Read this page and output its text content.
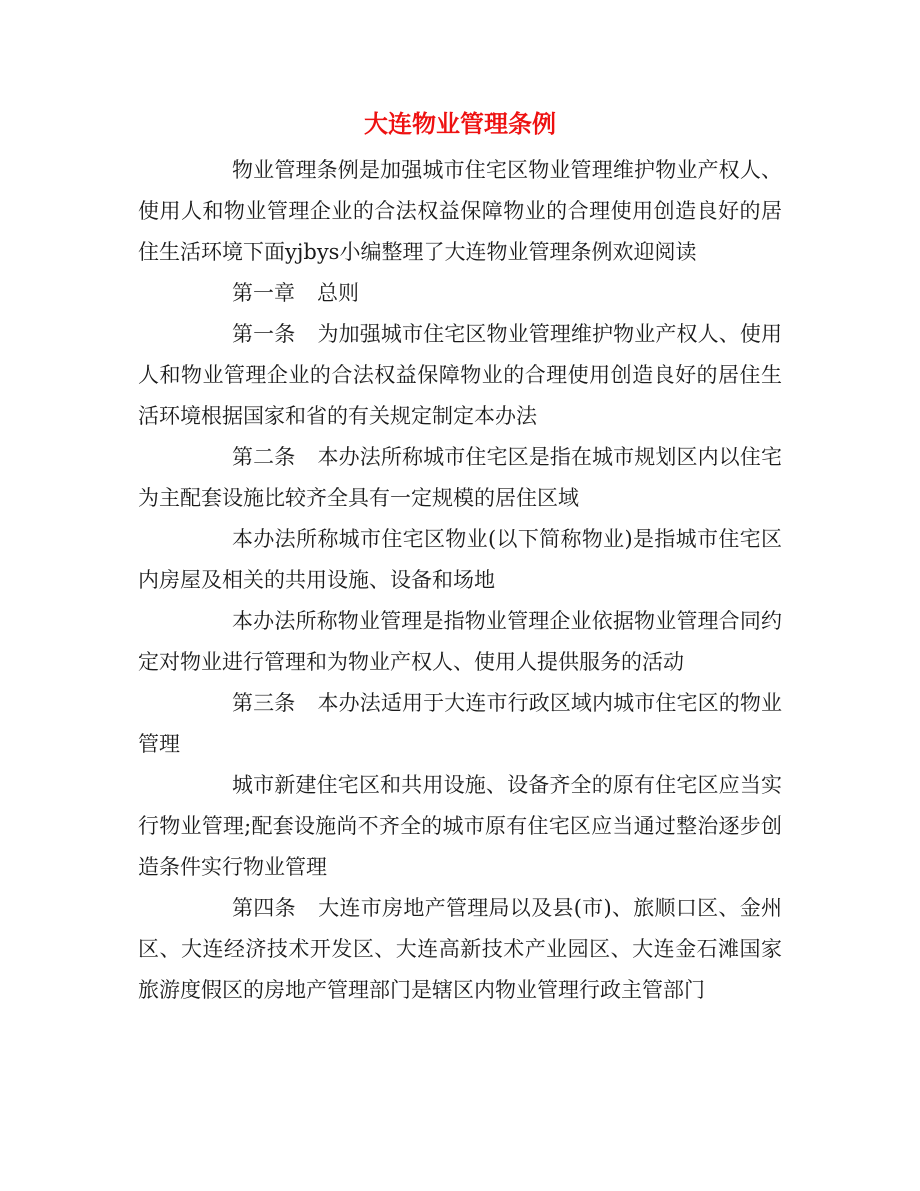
大连物业管理条例

物业管理条例是加强城市住宅区物业管理维护物业产权人、使用人和物业管理企业的合法权益保障物业的合理使用创造良好的居住生活环境下面yjbys小编整理了大连物业管理条例欢迎阅读

第一章 总则

第一条 为加强城市住宅区物业管理维护物业产权人、使用人和物业管理企业的合法权益保障物业的合理使用创造良好的居住生活环境根据国家和省的有关规定制定本办法

第二条 本办法所称城市住宅区是指在城市规划区内以住宅为主配套设施比较齐全具有一定规模的居住区域

本办法所称城市住宅区物业(以下简称物业)是指城市住宅区内房屋及相关的共用设施、设备和场地

本办法所称物业管理是指物业管理企业依据物业管理合同约定对物业进行管理和为物业产权人、使用人提供服务的活动

第三条 本办法适用于大连市行政区域内城市住宅区的物业管理

城市新建住宅区和共用设施、设备齐全的原有住宅区应当实行物业管理;配套设施尚不齐全的城市原有住宅区应当通过整治逐步创造条件实行物业管理

第四条 大连市房地产管理局以及县(市)、旅顺口区、金州区、大连经济技术开发区、大连高新技术产业园区、大连金石滩国家旅游度假区的房地产管理部门是辖区内物业管理行政主管部门
